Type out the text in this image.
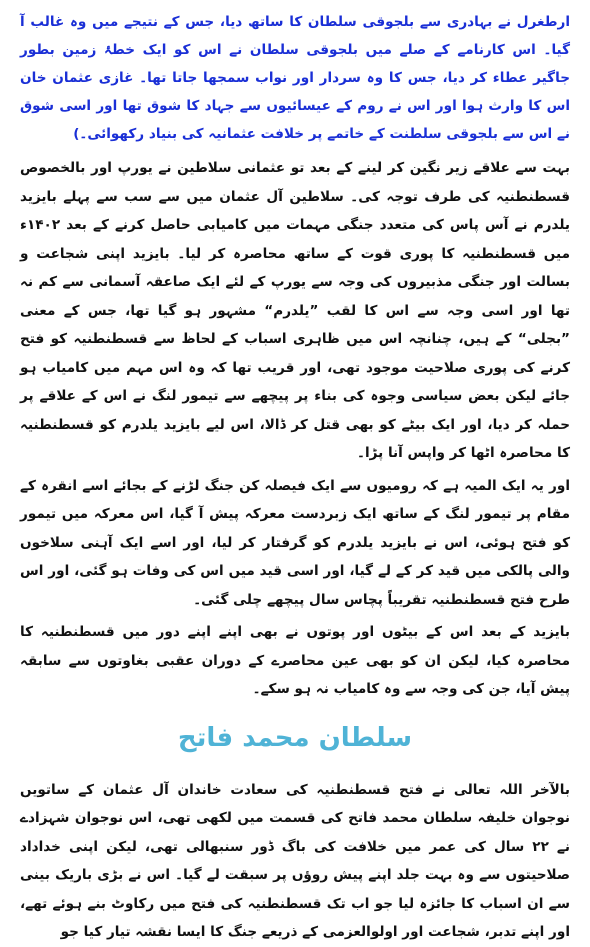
ارطغرل نے بہادری سے بلجوقی سلطان کا ساتھ دیا، جس کے نتیجے میں وہ غالب آ گیا۔ اس کارنامے کے صلے میں بلجوقی سلطان نے اس کو ایک خطۂ زمین بطور جاگیر عطاء کر دیا، جس کا وہ سردار اور نواب سمجھا جاتا تھا۔ غازی عثمان خان اس کا وارث ہوا اور اس نے روم کے عیسائیوں سے جہاد کا شوق تھا اور اسی شوق نے اس سے بلجوقی سلطنت کے خاتمے پر خلافت عثمانیہ کی بنیاد رکھوائی۔)

بہت سے علاقے زیر نگین کر لینے کے بعد تو عثمانی سلاطین نے یورپ اور بالخصوص قسطنطنیہ کی طرف توجہ کی۔ سلاطین آل عثمان میں سے سب سے پہلے بایزید یلدرم نے آس پاس کی متعدد جنگی مہمات میں کامیابی حاصل کرنے کے بعد ۱۴۰۲ء میں قسطنطنیہ کا پوری قوت کے ساتھ محاصرہ کر لیا۔ بایزید اپنی شجاعت و بسالت اور جنگی مذبیروں کی وجہ سے یورپ کے لئے ایک صاعقہ آسمانی سے کم نہ تھا اور اسی وجہ سے اس کا لقب ”یلدرم“ مشہور ہو گیا تھا، جس کے معنی ”بجلی“ کے ہیں، چنانچہ اس میں ظاہری اسباب کے لحاظ سے قسطنطنیہ کو فتح کرنے کی پوری صلاحیت موجود تھی، اور قریب تھا کہ وہ اس مہم میں کامیاب ہو جائے لیکن بعض سیاسی وجوہ کی بناء پر پیچھے سے تیمور لنگ نے اس کے علاقے پر حملہ کر دیا، اور ایک بیٹے کو بھی قتل کر ڈالا، اس لیے بایزید یلدرم کو قسطنطنیہ کا محاصرہ اٹھا کر واپس آنا پڑا۔

اور یہ ایک المیہ ہے کہ رومیوں سے ایک فیصلہ کن جنگ لڑنے کے بجائے اسے انقرہ کے مقام پر تیمور لنگ کے ساتھ ایک زبردست معرکہ پیش آ گیا، اس معرکہ میں تیمور کو فتح ہوئی، اس نے بایزید یلدرم کو گرفتار کر لیا، اور اسے ایک آہنی سلاخوں والی پالکی میں قید کر کے لے گیا، اور اسی قید میں اس کی وفات ہو گئی، اور اس طرح فتح قسطنطنیہ تقریباً پچاس سال پیچھے چلی گئی۔

بایزید کے بعد اس کے بیٹوں اور پوتوں نے بھی اپنے اپنے دور میں قسطنطنیہ کا محاصرہ کیا، لیکن ان کو بھی عین محاصرے کے دوران عقبی بغاوتوں سے سابقہ پیش آیا، جن کی وجہ سے وہ کامیاب نہ ہو سکے۔

سلطان محمد فاتح

بالآخر اللہ تعالی نے فتح قسطنطنیہ کی سعادت خاندان آل عثمان کے ساتویں نوجوان خلیفہ سلطان محمد فاتح کی قسمت میں لکھی تھی، اس نوجوان شہزادے نے ۲۲ سال کی عمر میں خلافت کی باگ ڈور سنبھالی تھی، لیکن اپنی خداداد صلاحیتوں سے وہ بہت جلد اپنے پیش روؤں پر سبقت لے گیا۔ اس نے بڑی باریک بینی سے ان اسباب کا جائزہ لیا جو اب تک قسطنطنیہ کی فتح میں رکاوٹ بنے ہوئے تھے، اور اپنے تدبر، شجاعت اور اولوالعزمی کے ذریعے جنگ کا ایسا نقشہ تیار کیا جو
